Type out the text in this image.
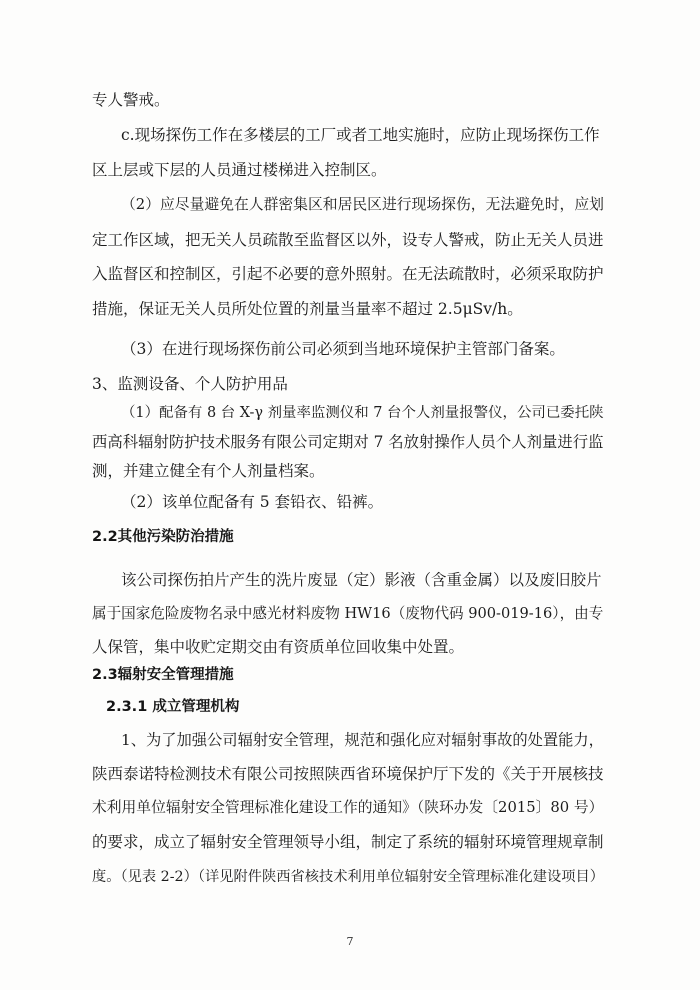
专人警戒。
c.现场探伤工作在多楼层的工厂或者工地实施时，应防止现场探伤工作
区上层或下层的人员通过楼梯进入控制区。
（2）应尽量避免在人群密集区和居民区进行现场探伤，无法避免时，应划
定工作区域，把无关人员疏散至监督区以外，设专人警戒，防止无关人员进
入监督区和控制区，引起不必要的意外照射。在无法疏散时，必须采取防护
措施，保证无关人员所处位置的剂量当量率不超过 2.5μSv/h。
（3）在进行现场探伤前公司必须到当地环境保护主管部门备案。
3、监测设备、个人防护用品
（1）配备有 8 台 X-γ 剂量率监测仪和 7 台个人剂量报警仪，公司已委托陕
西高科辐射防护技术服务有限公司定期对 7 名放射操作人员个人剂量进行监
测，并建立健全有个人剂量档案。
（2）该单位配备有 5 套铅衣、铅裤。
2.2其他污染防治措施
该公司探伤拍片产生的洗片废显（定）影液（含重金属）以及废旧胶片
属于国家危险废物名录中感光材料废物 HW16（废物代码 900-019-16），由专
人保管，集中收贮定期交由有资质单位回收集中处置。
2.3辐射安全管理措施
2.3.1 成立管理机构
1、为了加强公司辐射安全管理，规范和强化应对辐射事故的处置能力，
陕西泰诺特检测技术有限公司按照陕西省环境保护厅下发的《关于开展核技
术利用单位辐射安全管理标准化建设工作的通知》（陕环办发〔2015〕80 号）
的要求，成立了辐射安全管理领导小组，制定了系统的辐射环境管理规章制
度。（见表 2-2）（详见附件陕西省核技术利用单位辐射安全管理标准化建设项目）
7
